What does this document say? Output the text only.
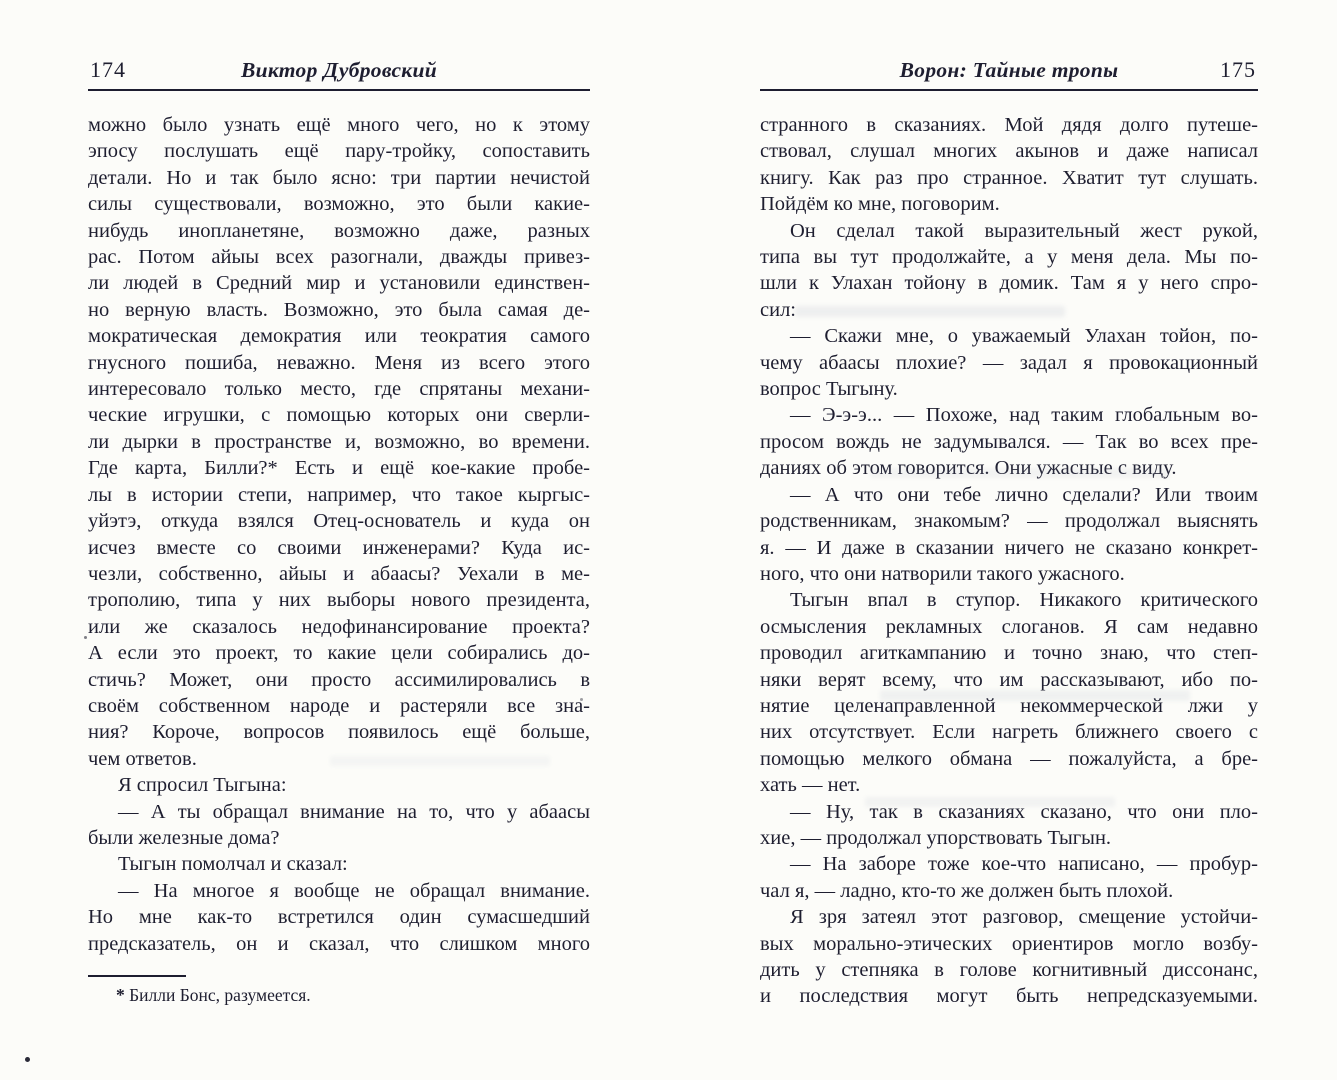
174	Виктор Дубровский
можно было узнать ещё много чего, но к этому
эпосу послушать ещё пару-тройку, сопоставить
детали. Но и так было ясно: три партии нечистой
силы существовали, возможно, это были какие-
нибудь инопланетяне, возможно даже, разных
рас. Потом айыы всех разогнали, дважды привез-
ли людей в Средний мир и установили единствен-
но верную власть. Возможно, это была самая де-
мократическая демократия или теократия самого
гнусного пошиба, неважно. Меня из всего этого
интересовало только место, где спрятаны механи-
ческие игрушки, с помощью которых они сверли-
ли дырки в пространстве и, возможно, во времени.
Где карта, Билли?* Есть и ещё кое-какие пробе-
лы в истории степи, например, что такое кыргыс-
уйэтэ, откуда взялся Отец-основатель и куда он
исчез вместе со своими инженерами? Куда ис-
чезли, собственно, айыы и абаасы? Уехали в ме-
трополию, типа у них выборы нового президента,
или же сказалось недофинансирование проекта?
А если это проект, то какие цели собирались до-
стичь? Может, они просто ассимилировались в
своём собственном народе и растеряли все зна-
ния? Короче, вопросов появилось ещё больше,
чем ответов.
Я спросил Тыгына:
— А ты обращал внимание на то, что у абаасы
были железные дома?
Тыгын помолчал и сказал:
— На многое я вообще не обращал внимание.
Но мне как-то встретился один сумасшедший
предсказатель, он и сказал, что слишком много
* Билли Бонс, разумеется.
Ворон: Тайные тропы	175
странного в сказаниях. Мой дядя долго путеше-
ствовал, слушал многих акынов и даже написал
книгу. Как раз про странное. Хватит тут слушать.
Пойдём ко мне, поговорим.
Он сделал такой выразительный жест рукой,
типа вы тут продолжайте, а у меня дела. Мы по-
шли к Улахан тойону в домик. Там я у него спро-
сил:
— Скажи мне, о уважаемый Улахан тойон, по-
чему абаасы плохие? — задал я провокационный
вопрос Тыгыну.
— Э-э-э... — Похоже, над таким глобальным во-
просом вождь не задумывался. — Так во всех пре-
даниях об этом говорится. Они ужасные с виду.
— А что они тебе лично сделали? Или твоим
родственникам, знакомым? — продолжал выяснять
я. — И даже в сказании ничего не сказано конкрет-
ного, что они натворили такого ужасного.
Тыгын впал в ступор. Никакого критического
осмысления рекламных слоганов. Я сам недавно
проводил агиткампанию и точно знаю, что степ-
няки верят всему, что им рассказывают, ибо по-
нятие целенаправленной некоммерческой лжи у
них отсутствует. Если нагреть ближнего своего с
помощью мелкого обмана — пожалуйста, а бре-
хать — нет.
— Ну, так в сказаниях сказано, что они пло-
хие, — продолжал упорствовать Тыгын.
— На заборе тоже кое-что написано, — пробур-
чал я, — ладно, кто-то же должен быть плохой.
Я зря затеял этот разговор, смещение устойчи-
вых морально-этических ориентиров могло возбу-
дить у степняка в голове когнитивный диссонанс,
и последствия могут быть непредсказуемыми.
